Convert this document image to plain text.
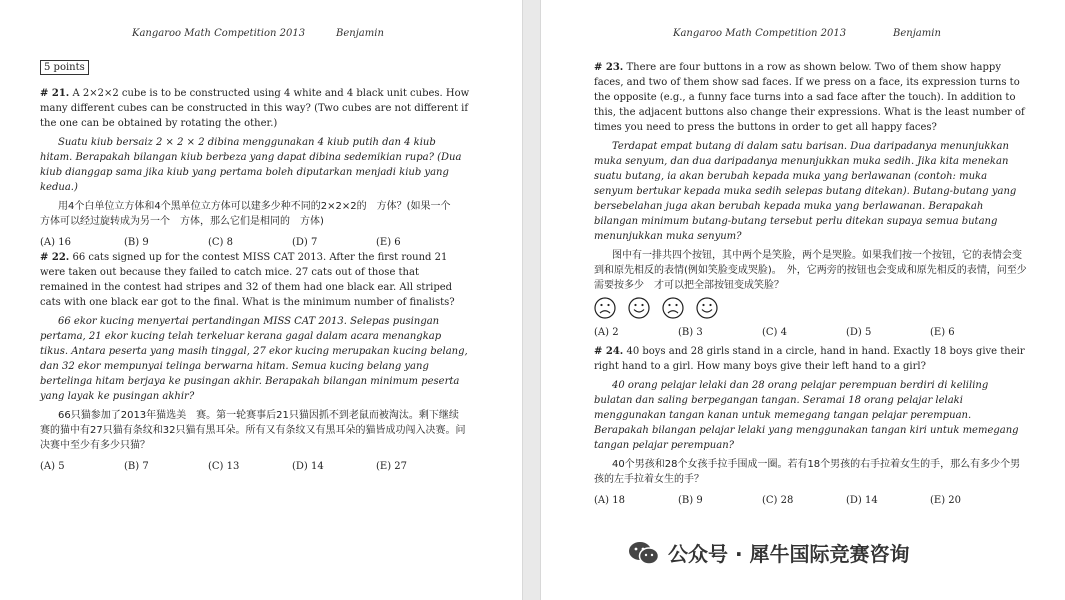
Kangaroo Math Competition 2013	Benjamin
5 points

# 21. A 2×2×2 cube is to be constructed using 4 white and 4 black unit cubes. How many different cubes can be constructed in this way? (Two cubes are not different if the one can be obtained by rotating the other.)

Suatu kiub bersaiz 2 × 2 × 2 dibina menggunakan 4 kiub putih dan 4 kiub hitam. Berapakah bilangan kiub berbeza yang dapat dibina sedemikian rupa? (Dua kiub dianggap sama jika kiub yang pertama boleh diputarkan menjadi kiub yang kedua.)

用4个白单位立方体和4个黑单位立方体可以建多少种不同的2×2×2的　方体？(如果一个　方体可以经过旋转成为另一个　方体，那么它们是相同的　方体)

(A) 16	(B) 9	(C) 8	(D) 7	(E) 6

# 22. 66 cats signed up for the contest MISS CAT 2013. After the first round 21 were taken out because they failed to catch mice. 27 cats out of those that remained in the contest had stripes and 32 of them had one black ear. All striped cats with one black ear got to the final. What is the minimum number of finalists?

66 ekor kucing menyertai pertandingan MISS CAT 2013. Selepas pusingan pertama, 21 ekor kucing telah terkeluar kerana gagal dalam acara menangkap tikus. Antara peserta yang masih tinggal, 27 ekor kucing merupakan kucing belang, dan 32 ekor mempunyai telinga berwarna hitam. Semua kucing belang yang bertelinga hitam berjaya ke pusingan akhir. Berapakah bilangan minimum peserta yang layak ke pusingan akhir?

66只猫参加了2013年猫选美　赛。第一轮赛事后21只猫因抓不到老鼠而被淘汰。剩下继续　赛的猫中有27只猫有条纹和32只猫有黑耳朵。所有又有条纹又有黑耳朵的猫皆成功闯入决赛。问决赛中至少有多少只猫？

(A) 5	(B) 7	(C) 13	(D) 14	(E) 27
Kangaroo Math Competition 2013	Benjamin

# 23. There are four buttons in a row as shown below. Two of them show happy faces, and two of them show sad faces. If we press on a face, its expression turns to the opposite (e.g., a funny face turns into a sad face after the touch). In addition to this, the adjacent buttons also change their expressions. What is the least number of times you need to press the buttons in order to get all happy faces?

Terdapat empat butang di dalam satu barisan. Dua daripadanya menunjukkan muka senyum, dan dua daripadanya menunjukkan muka sedih. Jika kita menekan suatu butang, ia akan berubah kepada muka yang berlawanan (contoh: muka senyum bertukar kepada muka sedih selepas butang ditekan). Butang-butang yang bersebelahan juga akan berubah kepada muka yang berlawanan. Berapakah bilangan minimum butang-butang tersebut perlu ditekan supaya semua butang menunjukkan muka senyum?

图中有一排共四个按钮，其中两个是笑脸，两个是哭脸。如果我们按一个按钮，它的表情会变到和原先相反的表情(例如笑脸变成哭脸)。　外，它两旁的按钮也会变成和原先相反的表情，问至少需要按多少　才可以把全部按钮变成笑脸？

(A) 2	(B) 3	(C) 4	(D) 5	(E) 6

# 24. 40 boys and 28 girls stand in a circle, hand in hand. Exactly 18 boys give their right hand to a girl. How many boys give their left hand to a girl?

40 orang pelajar lelaki dan 28 orang pelajar perempuan berdiri di keliling bulatan dan saling berpegangan tangan. Seramai 18 orang pelajar lelaki menggunakan tangan kanan untuk memegang tangan pelajar perempuan. Berapakah bilangan pelajar lelaki yang menggunakan tangan kiri untuk memegang tangan pelajar perempuan?

40个男孩和28个女孩手拉手围成一圈。若有18个男孩的右手拉着女生的手，那么有多少个男孩的左手拉着女生的手？

(A) 18	(B) 9	(C) 28	(D) 14	(E) 20
公众号 · 犀牛国际竞赛咨询
